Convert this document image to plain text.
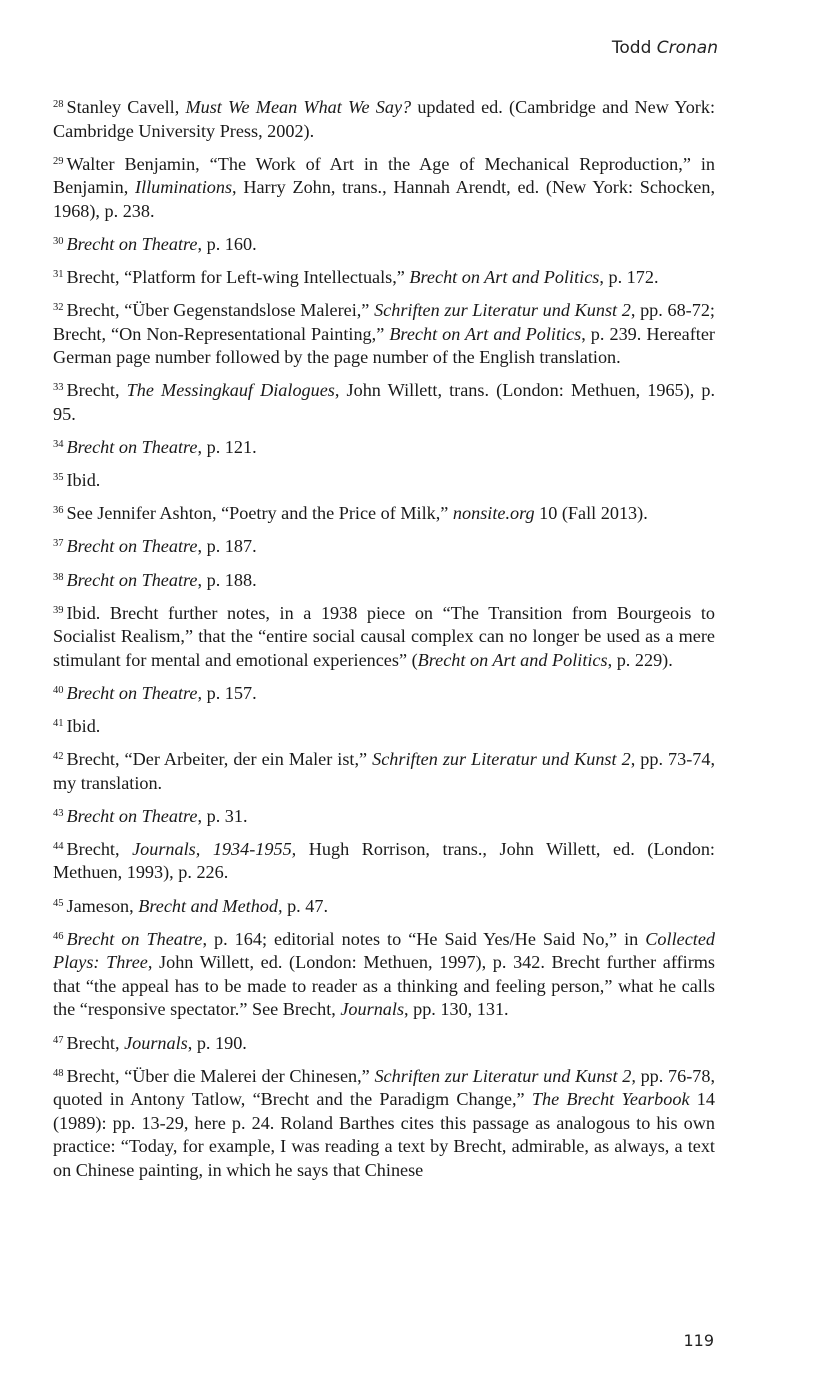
Todd Cronan

$^{28}$ Stanley Cavell, Must We Mean What We Say? updated ed. (Cambridge and New York: Cambridge University Press, 2002).

$^{29}$ Walter Benjamin, “The Work of Art in the Age of Mechanical Reproduction,” in Benjamin, Illuminations, Harry Zohn, trans., Hannah Arendt, ed. (New York: Schocken, 1968), p. 238.

$^{30}$ Brecht on Theatre, p. 160.

$^{31}$ Brecht, “Platform for Left-wing Intellectuals,” Brecht on Art and Politics, p. 172.

$^{32}$ Brecht, “Über Gegenstandslose Malerei,” Schriften zur Literatur und Kunst 2, pp. 68-72; Brecht, “On Non-Representational Painting,” Brecht on Art and Politics, p. 239. Hereafter German page number followed by the page number of the English translation.

$^{33}$ Brecht, The Messingkauf Dialogues, John Willett, trans. (London: Methuen, 1965), p. 95.

$^{34}$ Brecht on Theatre, p. 121.

$^{35}$ Ibid.

$^{36}$ See Jennifer Ashton, “Poetry and the Price of Milk,” nonsite.org 10 (Fall 2013).

$^{37}$ Brecht on Theatre, p. 187.

$^{38}$ Brecht on Theatre, p. 188.

$^{39}$ Ibid. Brecht further notes, in a 1938 piece on “The Transition from Bourgeois to Socialist Realism,” that the “entire social causal complex can no longer be used as a mere stimulant for mental and emotional experiences” (Brecht on Art and Politics, p. 229).

$^{40}$ Brecht on Theatre, p. 157.

$^{41}$ Ibid.

$^{42}$ Brecht, “Der Arbeiter, der ein Maler ist,” Schriften zur Literatur und Kunst 2, pp. 73-74, my translation.

$^{43}$ Brecht on Theatre, p. 31.

$^{44}$ Brecht, Journals, 1934-1955, Hugh Rorrison, trans., John Willett, ed. (London: Methuen, 1993), p. 226.

$^{45}$ Jameson, Brecht and Method, p. 47.

$^{46}$ Brecht on Theatre, p. 164; editorial notes to “He Said Yes/He Said No,” in Collected Plays: Three, John Willett, ed. (London: Methuen, 1997), p. 342. Brecht further affirms that “the appeal has to be made to reader as a thinking and feeling person,” what he calls the “responsive spectator.” See Brecht, Journals, pp. 130, 131.

$^{47}$ Brecht, Journals, p. 190.

$^{48}$ Brecht, “Über die Malerei der Chinesen,” Schriften zur Literatur und Kunst 2, pp. 76-78, quoted in Antony Tatlow, “Brecht and the Paradigm Change,” The Brecht Yearbook 14 (1989): pp. 13-29, here p. 24. Roland Barthes cites this passage as analogous to his own practice: “Today, for example, I was reading a text by Brecht, admirable, as always, a text on Chinese painting, in which he says that Chinese

119
